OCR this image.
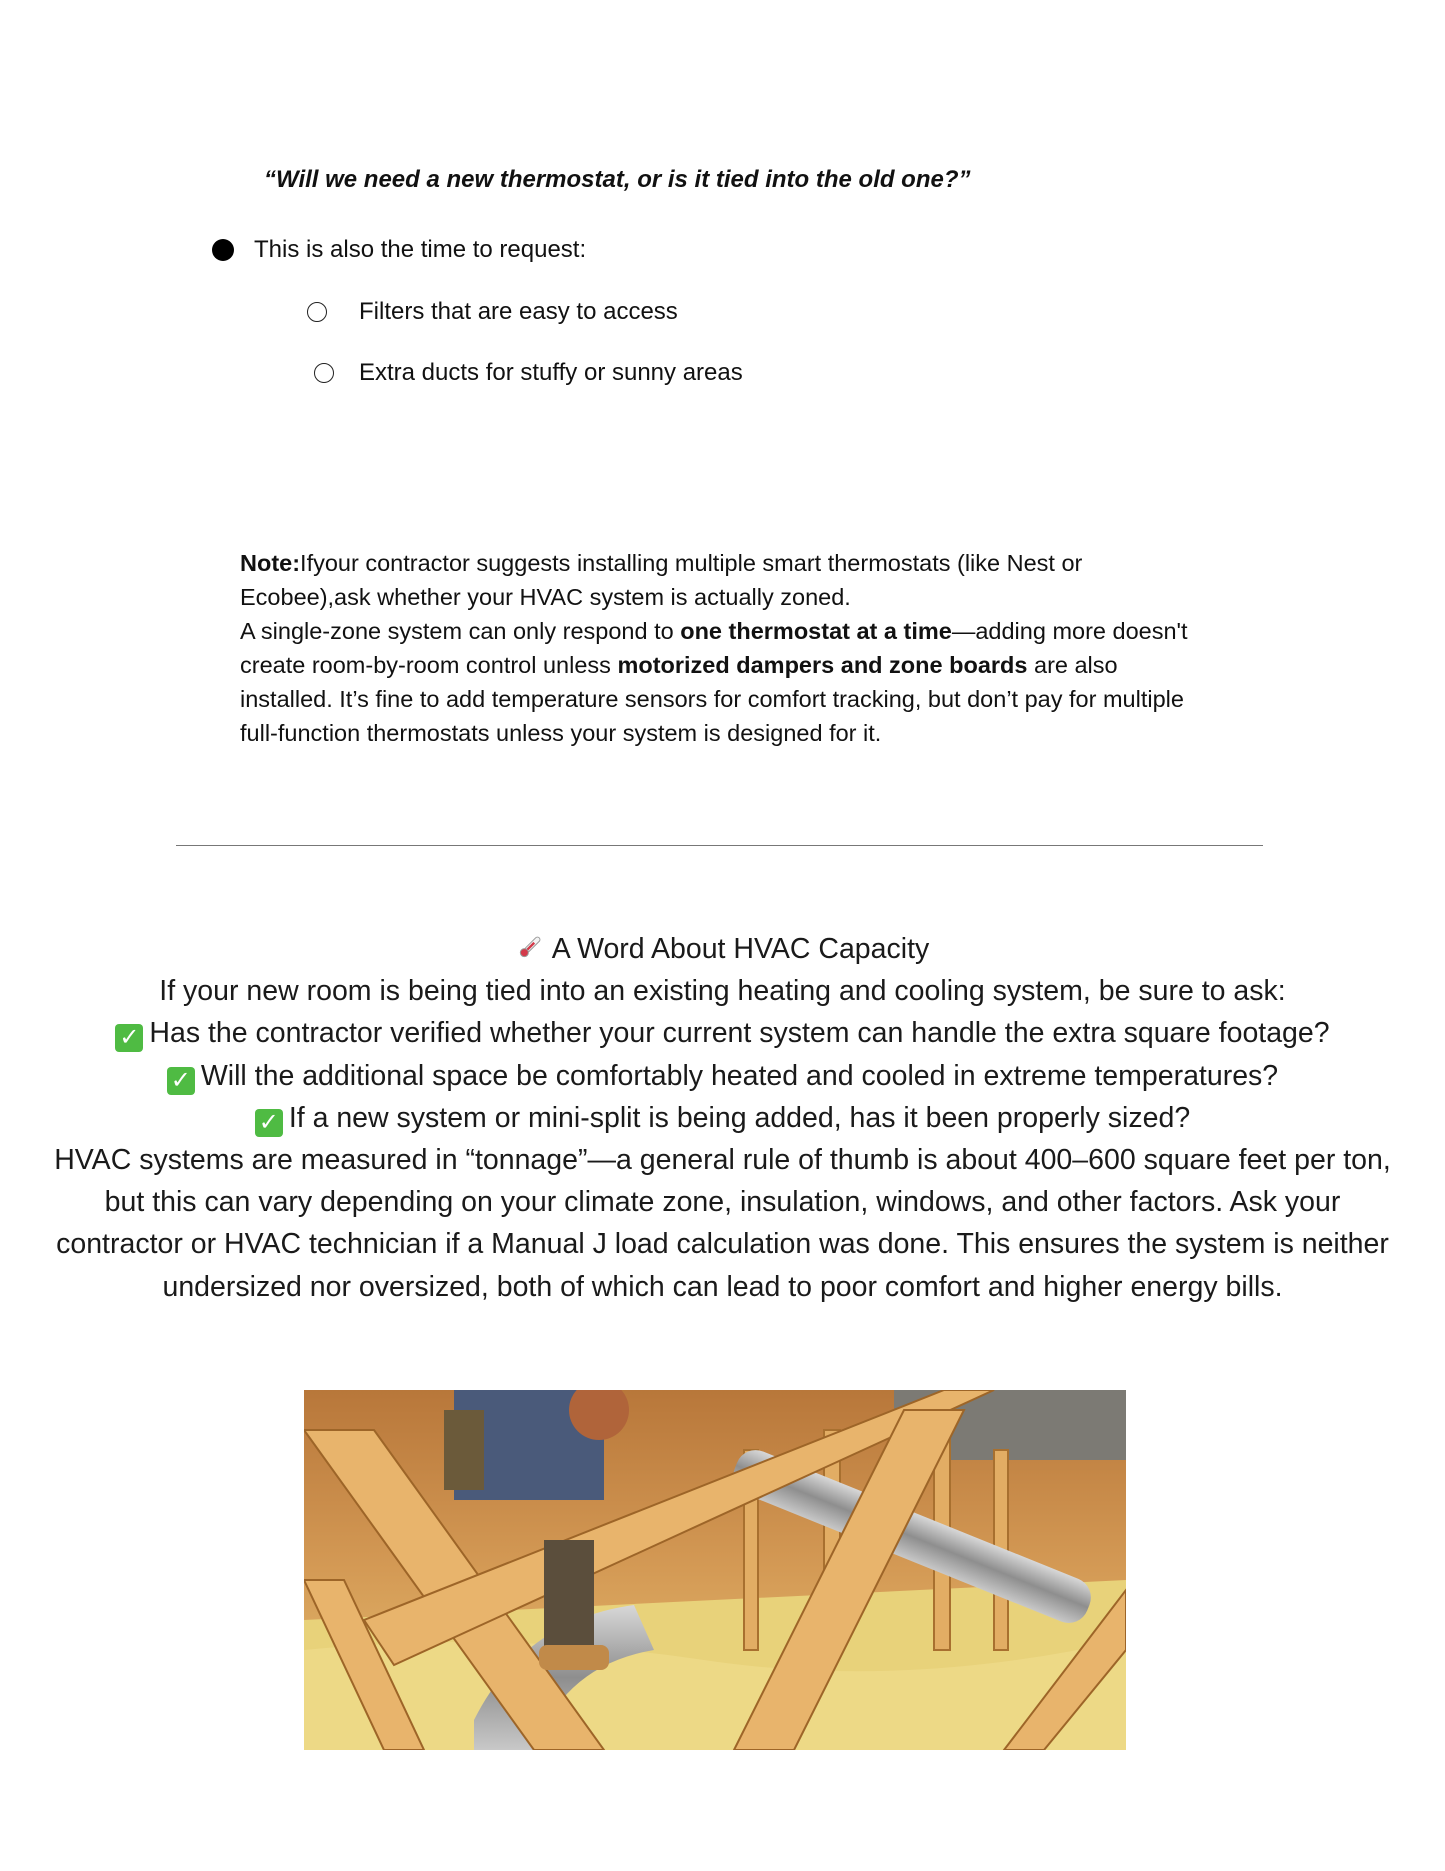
“Will we need a new thermostat, or is it tied into the old one?”

This is also the time to request:
Filters that are easy to access
Extra ducts for stuffy or sunny areas

Note:Ifyour contractor suggests installing multiple smart thermostats (like Nest or Ecobee),ask whether your HVAC system is actually zoned.

A single-zone system can only respond to one thermostat at a time—adding more doesn't create room-by-room control unless motorized dampers and zone boards are also installed. It’s fine to add temperature sensors for comfort tracking, but don’t pay for multiple full-function thermostats unless your system is designed for it.

A Word About HVAC Capacity
If your new room is being tied into an existing heating and cooling system, be sure to ask:
✓ Has the contractor verified whether your current system can handle the extra square footage?
✓ Will the additional space be comfortably heated and cooled in extreme temperatures?
✓ If a new system or mini-split is being added, has it been properly sized?
HVAC systems are measured in “tonnage”—a general rule of thumb is about 400–600 square feet per ton, but this can vary depending on your climate zone, insulation, windows, and other factors. Ask your contractor or HVAC technician if a Manual J load calculation was done. This ensures the system is neither undersized nor oversized, both of which can lead to poor comfort and higher energy bills.
